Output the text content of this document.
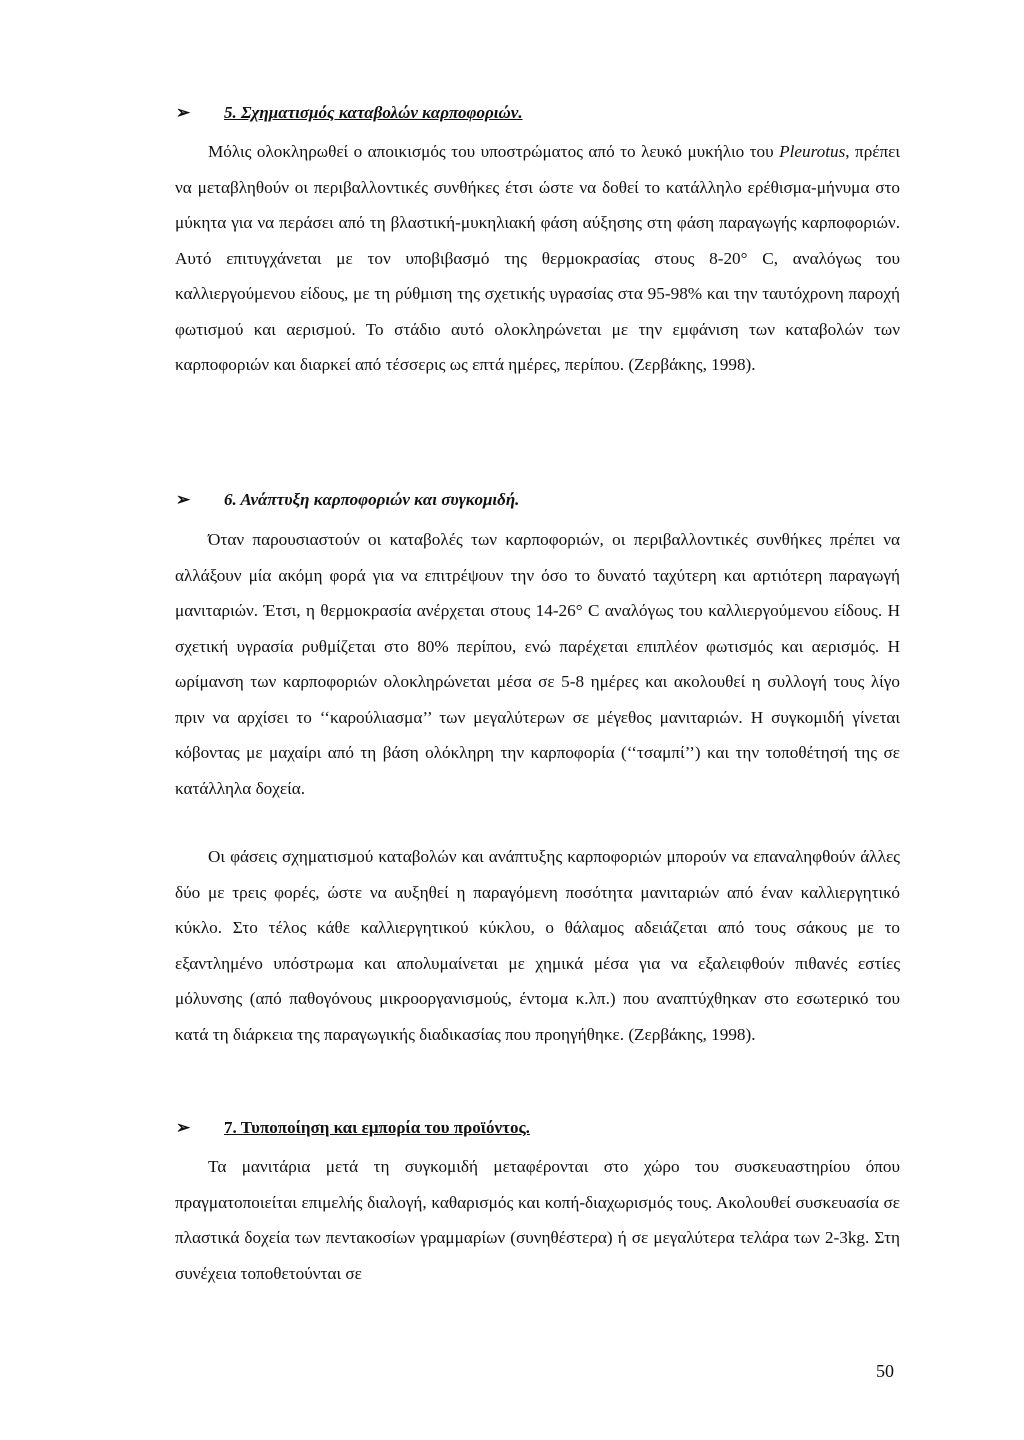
➢	5. Σχηματισμός καταβολών καρποφοριών.

Μόλις ολοκληρωθεί ο αποικισμός του υποστρώματος από το λευκό μυκήλιο του Pleurotus, πρέπει να μεταβληθούν οι περιβαλλοντικές συνθήκες έτσι ώστε να δοθεί το κατάλληλο ερέθισμα-μήνυμα στο μύκητα για να περάσει από τη βλαστική-μυκηλιακή φάση αύξησης στη φάση παραγωγής καρποφοριών. Αυτό επιτυγχάνεται με τον υποβιβασμό της θερμοκρασίας στους 8-20° C, αναλόγως του καλλιεργούμενου είδους, με τη ρύθμιση της σχετικής υγρασίας στα 95-98% και την ταυτόχρονη παροχή φωτισμού και αερισμού. Το στάδιο αυτό ολοκληρώνεται με την εμφάνιση των καταβολών των καρποφοριών και διαρκεί από τέσσερις ως επτά ημέρες, περίπου. (Ζερβάκης, 1998).

➢	6. Ανάπτυξη καρποφοριών και συγκομιδή.

Όταν παρουσιαστούν οι καταβολές των καρποφοριών, οι περιβαλλοντικές συνθήκες πρέπει να αλλάξουν μία ακόμη φορά για να επιτρέψουν την όσο το δυνατό ταχύτερη και αρτιότερη παραγωγή μανιταριών. Έτσι, η θερμοκρασία ανέρχεται στους 14-26° C αναλόγως του καλλιεργούμενου είδους. Η σχετική υγρασία ρυθμίζεται στο 80% περίπου, ενώ παρέχεται επιπλέον φωτισμός και αερισμός. Η ωρίμανση των καρποφοριών ολοκληρώνεται μέσα σε 5-8 ημέρες και ακολουθεί η συλλογή τους λίγο πριν να αρχίσει το ‘‘καρούλιασμα’’ των μεγαλύτερων σε μέγεθος μανιταριών. Η συγκομιδή γίνεται κόβοντας με μαχαίρι από τη βάση ολόκληρη την καρποφορία (‘‘τσαμπί’’) και την τοποθέτησή της σε κατάλληλα δοχεία.

Οι φάσεις σχηματισμού καταβολών και ανάπτυξης καρποφοριών μπορούν να επαναληφθούν άλλες δύο με τρεις φορές, ώστε να αυξηθεί η παραγόμενη ποσότητα μανιταριών από έναν καλλιεργητικό κύκλο. Στο τέλος κάθε καλλιεργητικού κύκλου, ο θάλαμος αδειάζεται από τους σάκους με το εξαντλημένο υπόστρωμα και απολυμαίνεται με χημικά μέσα για να εξαλειφθούν πιθανές εστίες μόλυνσης (από παθογόνους μικροοργανισμούς, έντομα κ.λπ.) που αναπτύχθηκαν στο εσωτερικό του κατά τη διάρκεια της παραγωγικής διαδικασίας που προηγήθηκε. (Ζερβάκης, 1998).

➢	7. Τυποποίηση και εμπορία του προϊόντος.

Τα μανιτάρια μετά τη συγκομιδή μεταφέρονται στο χώρο του συσκευαστηρίου όπου πραγματοποιείται επιμελής διαλογή, καθαρισμός και κοπή-διαχωρισμός τους. Ακολουθεί συσκευασία σε πλαστικά δοχεία των πεντακοσίων γραμμαρίων (συνηθέστερα) ή σε μεγαλύτερα τελάρα των 2-3kg. Στη συνέχεια τοποθετούνται σε

50
